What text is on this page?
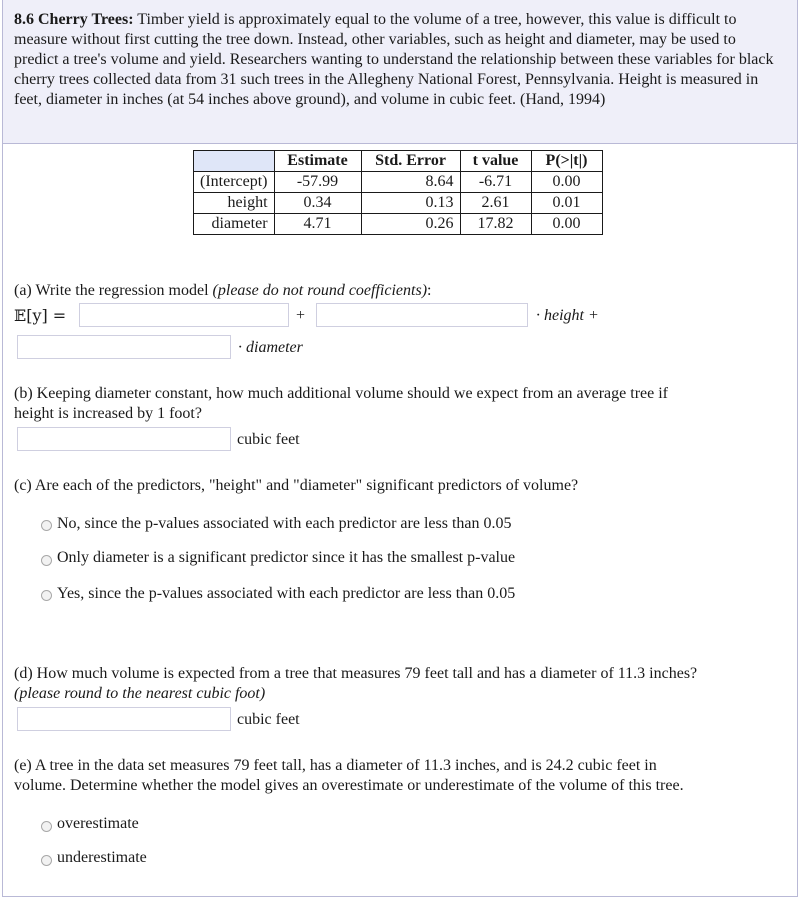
8.6 Cherry Trees: Timber yield is approximately equal to the volume of a tree, however, this value is difficult to measure without first cutting the tree down. Instead, other variables, such as height and diameter, may be used to predict a tree's volume and yield. Researchers wanting to understand the relationship between these variables for black cherry trees collected data from 31 such trees in the Allegheny National Forest, Pennsylvania. Height is measured in feet, diameter in inches (at 54 inches above ground), and volume in cubic feet. (Hand, 1994)
	Estimate	Std. Error	t value	P(>|t|)
(Intercept)	-57.99	8.64	-6.71	0.00
height	0.34	0.13	2.61	0.01
diameter	4.71	0.26	17.82	0.00
(a) Write the regression model (please do not round coefficients):
𝔼[y] =	+	· height +
· diameter
(b) Keeping diameter constant, how much additional volume should we expect from an average tree if
height is increased by 1 foot?
cubic feet
(c) Are each of the predictors, "height" and "diameter" significant predictors of volume?
No, since the p-values associated with each predictor are less than 0.05
Only diameter is a significant predictor since it has the smallest p-value
Yes, since the p-values associated with each predictor are less than 0.05
(d) How much volume is expected from a tree that measures 79 feet tall and has a diameter of 11.3 inches?
(please round to the nearest cubic foot)
cubic feet
(e) A tree in the data set measures 79 feet tall, has a diameter of 11.3 inches, and is 24.2 cubic feet in
volume. Determine whether the model gives an overestimate or underestimate of the volume of this tree.
overestimate
underestimate
